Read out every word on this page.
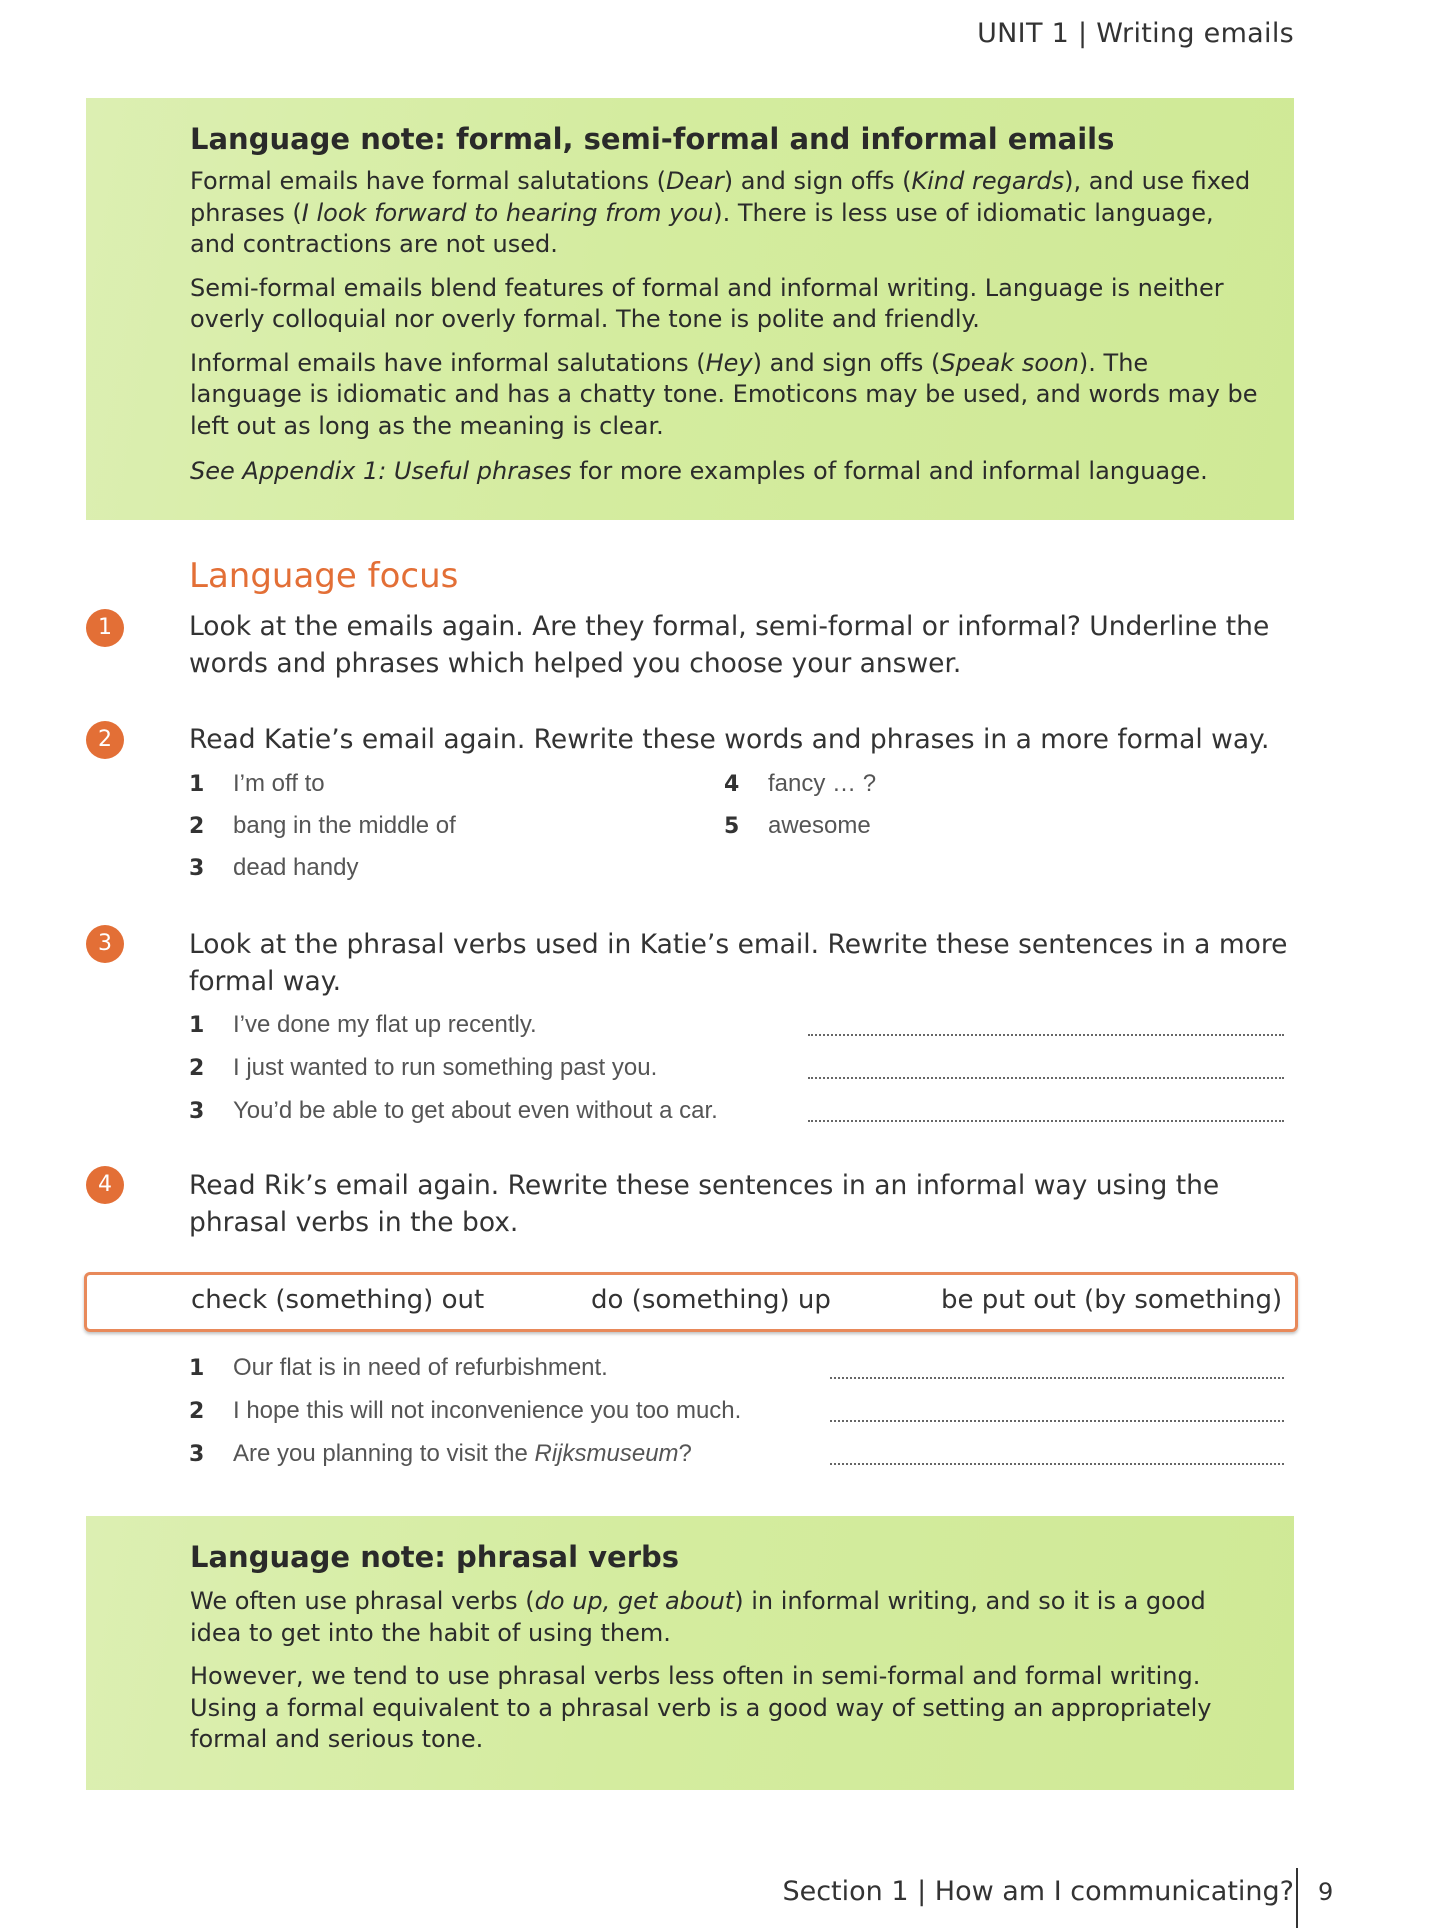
UNIT 1 | Writing emails
Language note: formal, semi-formal and informal emails

Formal emails have formal salutations (Dear) and sign offs (Kind regards), and use fixed phrases (I look forward to hearing from you). There is less use of idiomatic language, and contractions are not used.

Semi-formal emails blend features of formal and informal writing. Language is neither overly colloquial nor overly formal. The tone is polite and friendly.

Informal emails have informal salutations (Hey) and sign offs (Speak soon). The language is idiomatic and has a chatty tone. Emoticons may be used, and words may be left out as long as the meaning is clear.

See Appendix 1: Useful phrases for more examples of formal and informal language.

Language focus
1	Look at the emails again. Are they formal, semi-formal or informal? Underline the words and phrases which helped you choose your answer.

2	Read Katie’s email again. Rewrite these words and phrases in a more formal way.

1 I’m off to
2 bang in the middle of
3 dead handy
4 fancy … ?
5 awesome
3	Look at the phrasal verbs used in Katie’s email. Rewrite these sentences in a more formal way.

1 I’ve done my flat up recently.
2 I just wanted to run something past you.
3 You’d be able to get about even without a car.
4	Read Rik’s email again. Rewrite these sentences in an informal way using the phrasal verbs in the box.

check (something) out	do (something) up	be put out (by something)
1 Our flat is in need of refurbishment.
2 I hope this will not inconvenience you too much.
3 Are you planning to visit the Rijksmuseum?
Language note: phrasal verbs

We often use phrasal verbs (do up, get about) in informal writing, and so it is a good idea to get into the habit of using them.

However, we tend to use phrasal verbs less often in semi-formal and formal writing. Using a formal equivalent to a phrasal verb is a good way of setting an appropriately formal and serious tone.

Section 1 | How am I communicating? 9
